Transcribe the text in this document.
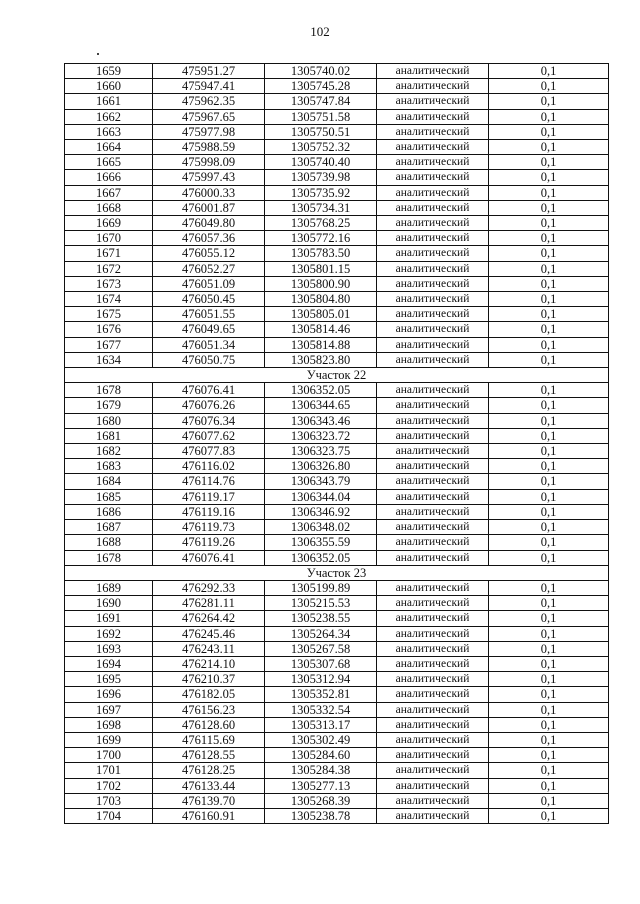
102
1659	475951.27	1305740.02	аналитический	0,1
1660	475947.41	1305745.28	аналитический	0,1
1661	475962.35	1305747.84	аналитический	0,1
1662	475967.65	1305751.58	аналитический	0,1
1663	475977.98	1305750.51	аналитический	0,1
1664	475988.59	1305752.32	аналитический	0,1
1665	475998.09	1305740.40	аналитический	0,1
1666	475997.43	1305739.98	аналитический	0,1
1667	476000.33	1305735.92	аналитический	0,1
1668	476001.87	1305734.31	аналитический	0,1
1669	476049.80	1305768.25	аналитический	0,1
1670	476057.36	1305772.16	аналитический	0,1
1671	476055.12	1305783.50	аналитический	0,1
1672	476052.27	1305801.15	аналитический	0,1
1673	476051.09	1305800.90	аналитический	0,1
1674	476050.45	1305804.80	аналитический	0,1
1675	476051.55	1305805.01	аналитический	0,1
1676	476049.65	1305814.46	аналитический	0,1
1677	476051.34	1305814.88	аналитический	0,1
1634	476050.75	1305823.80	аналитический	0,1
Участок 22				
1678	476076.41	1306352.05	аналитический	0,1
1679	476076.26	1306344.65	аналитический	0,1
1680	476076.34	1306343.46	аналитический	0,1
1681	476077.62	1306323.72	аналитический	0,1
1682	476077.83	1306323.75	аналитический	0,1
1683	476116.02	1306326.80	аналитический	0,1
1684	476114.76	1306343.79	аналитический	0,1
1685	476119.17	1306344.04	аналитический	0,1
1686	476119.16	1306346.92	аналитический	0,1
1687	476119.73	1306348.02	аналитический	0,1
1688	476119.26	1306355.59	аналитический	0,1
1678	476076.41	1306352.05	аналитический	0,1
Участок 23				
1689	476292.33	1305199.89	аналитический	0,1
1690	476281.11	1305215.53	аналитический	0,1
1691	476264.42	1305238.55	аналитический	0,1
1692	476245.46	1305264.34	аналитический	0,1
1693	476243.11	1305267.58	аналитический	0,1
1694	476214.10	1305307.68	аналитический	0,1
1695	476210.37	1305312.94	аналитический	0,1
1696	476182.05	1305352.81	аналитический	0,1
1697	476156.23	1305332.54	аналитический	0,1
1698	476128.60	1305313.17	аналитический	0,1
1699	476115.69	1305302.49	аналитический	0,1
1700	476128.55	1305284.60	аналитический	0,1
1701	476128.25	1305284.38	аналитический	0,1
1702	476133.44	1305277.13	аналитический	0,1
1703	476139.70	1305268.39	аналитический	0,1
1704	476160.91	1305238.78	аналитический	0,1
